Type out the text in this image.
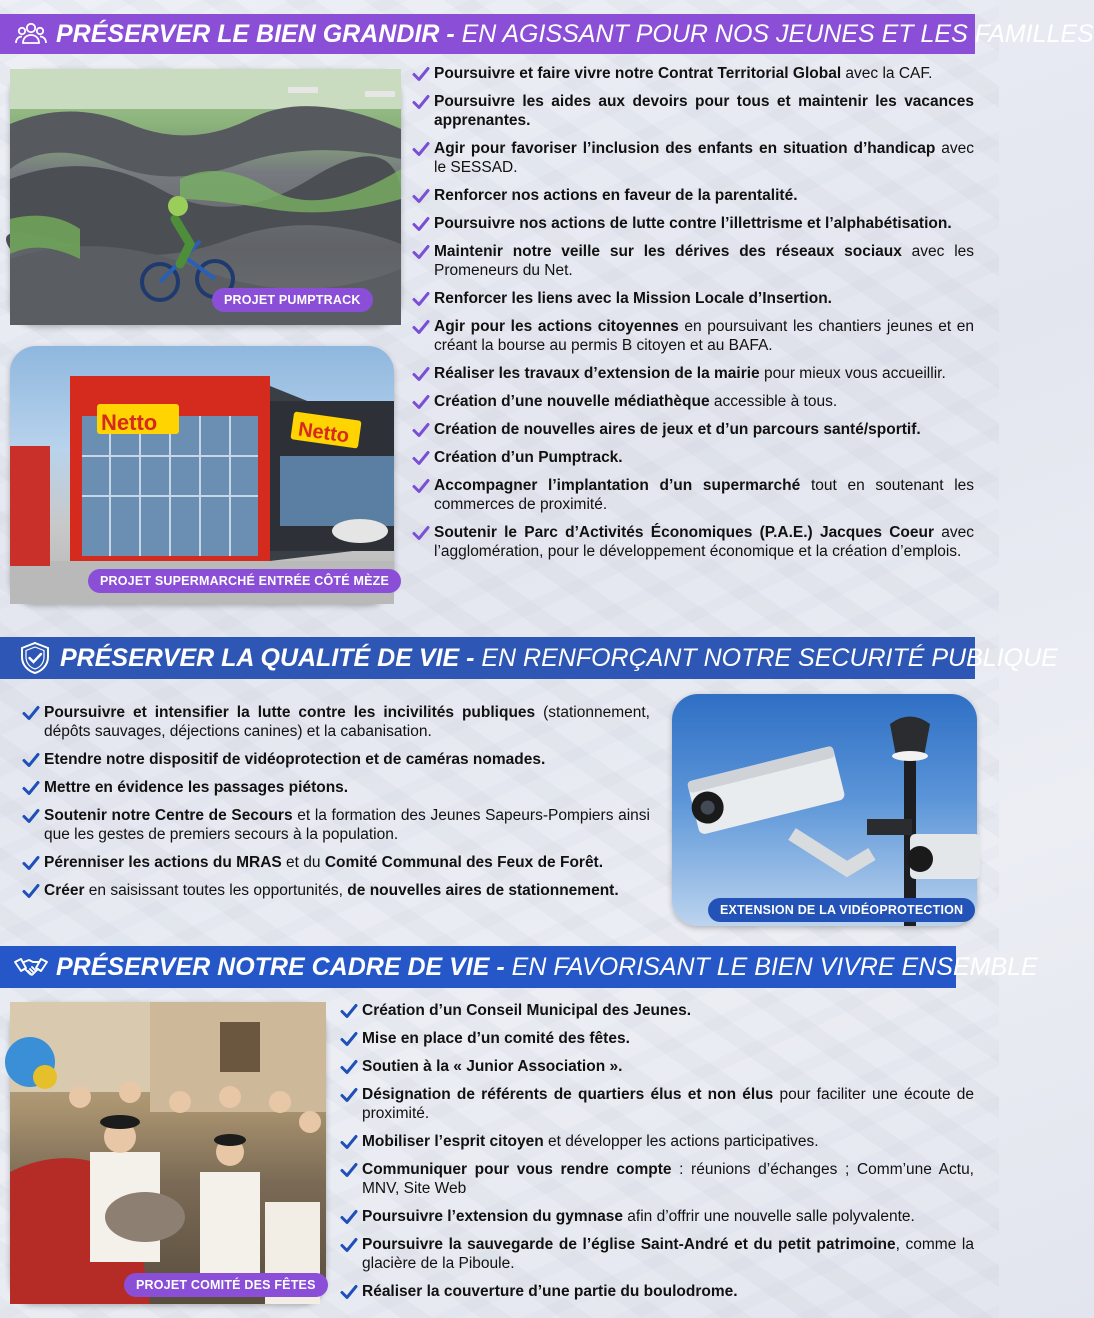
PRÉSERVER LE BIEN GRANDIR -
EN AGISSANT POUR NOS JEUNES ET LES FAMILLES
PROJET PUMPTRACK
Netto	Netto
PROJET SUPERMARCHÉ ENTRÉE CÔTÉ MÈZE
Poursuivre et faire vivre notre Contrat Territorial Global avec la CAF.
Poursuivre les aides aux devoirs pour tous et maintenir les vacances apprenantes.
Agir pour favoriser l’inclusion des enfants en situation d’handicap avec le SESSAD.
Renforcer nos actions en faveur de la parentalité.
Poursuivre nos actions de lutte contre l’illettrisme et l’alphabétisation.
Maintenir notre veille sur les dérives des réseaux sociaux avec les Promeneurs du Net.
Renforcer les liens avec la Mission Locale d’Insertion.
Agir pour les actions citoyennes en poursuivant les chantiers jeunes et en créant la bourse au permis B citoyen et au BAFA.
Réaliser les travaux d’extension de la mairie pour mieux vous accueillir.
Création d’une nouvelle médiathèque accessible à tous.
Création de nouvelles aires de jeux et d’un parcours santé/sportif.
Création d’un Pumptrack.
Accompagner l’implantation d’un supermarché tout en soutenant les commerces de proximité.
Soutenir le Parc d’Activités Économiques (P.A.E.) Jacques Coeur avec l’agglomération, pour le développement économique et la création d’emplois.
PRÉSERVER LA QUALITÉ DE VIE -
EN RENFORÇANT NOTRE SECURITÉ PUBLIQUE
Poursuivre et intensifier la lutte contre les incivilités publiques (stationnement, dépôts sauvages, déjections canines) et la cabanisation.
Etendre notre dispositif de vidéoprotection et de caméras nomades.
Mettre en évidence les passages piétons.
Soutenir notre Centre de Secours et la formation des Jeunes Sapeurs-Pompiers ainsi que les gestes de premiers secours à la population.
Pérenniser les actions du MRAS et du Comité Communal des Feux de Forêt.
Créer en saisissant toutes les opportunités, de nouvelles aires de stationnement.
EXTENSION DE LA VIDÉOPROTECTION
PRÉSERVER NOTRE CADRE DE VIE -
EN FAVORISANT LE BIEN VIVRE ENSEMBLE
PROJET COMITÉ DES FÊTES
Création d’un Conseil Municipal des Jeunes.
Mise en place d’un comité des fêtes.
Soutien à la « Junior Association ».
Désignation de référents de quartiers élus et non élus pour faciliter une écoute de proximité.
Mobiliser l’esprit citoyen et développer les actions participatives.
Communiquer pour vous rendre compte : réunions d’échanges ; Comm’une Actu, MNV, Site Web
Poursuivre l’extension du gymnase afin d’offrir une nouvelle salle polyvalente.
Poursuivre la sauvegarde de l’église Saint-André et du petit patrimoine, comme la glacière de la Piboule.
Réaliser la couverture d’une partie du boulodrome.
